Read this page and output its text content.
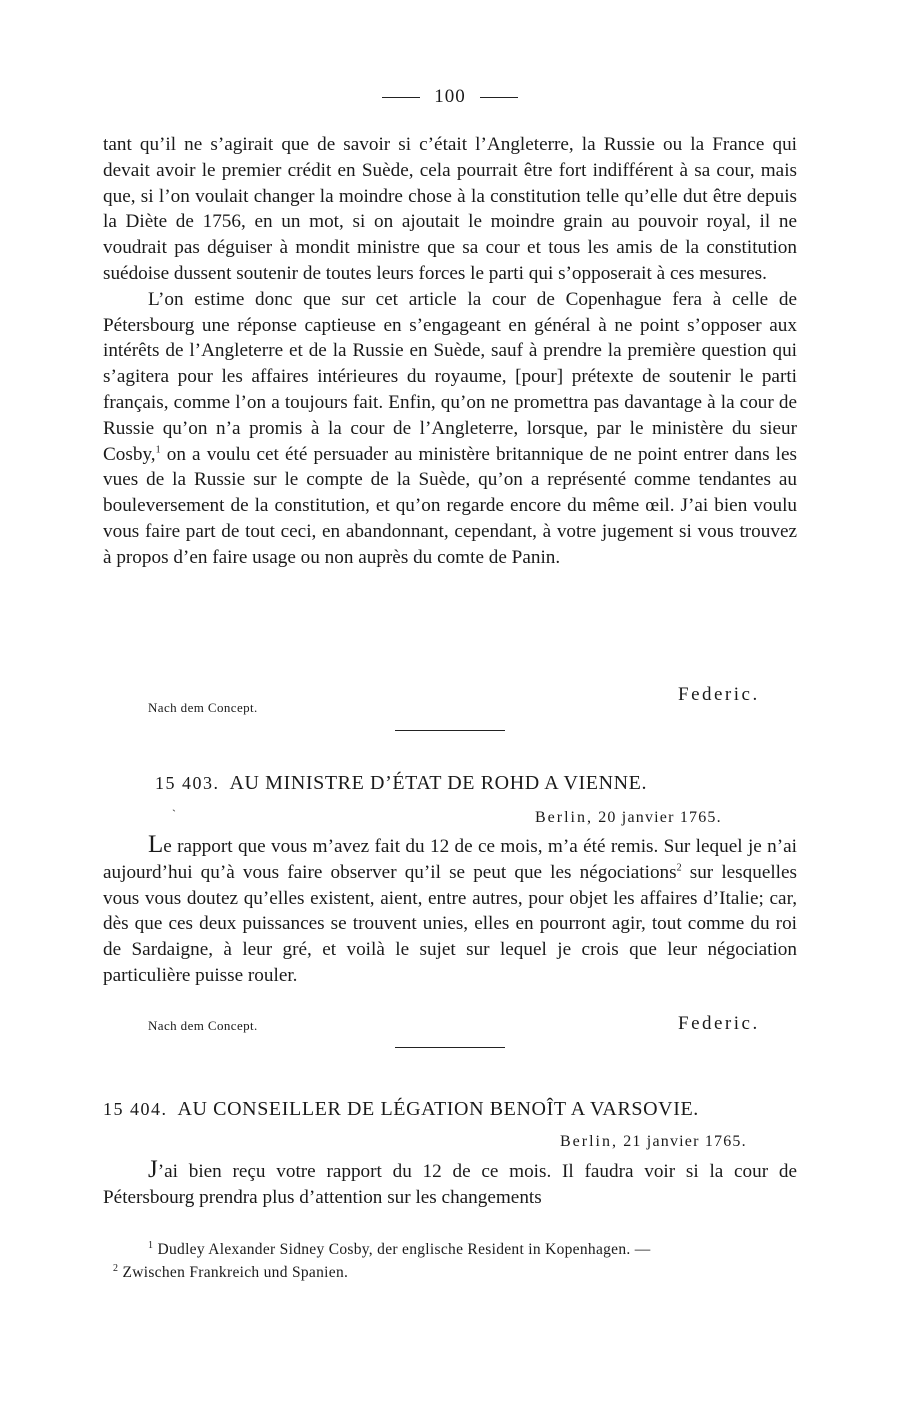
100

tant qu’il ne s’agirait que de savoir si c’était l’Angleterre, la Russie ou la France qui devait avoir le premier crédit en Suède, cela pourrait être fort indifférent à sa cour, mais que, si l’on voulait changer la moindre chose à la constitution telle qu’elle dut être depuis la Diète de 1756, en un mot, si on ajoutait le moindre grain au pouvoir royal, il ne voudrait pas déguiser à mondit ministre que sa cour et tous les amis de la constitution suédoise dussent soutenir de toutes leurs forces le parti qui s’opposerait à ces mesures.

L’on estime donc que sur cet article la cour de Copenhague fera à celle de Pétersbourg une réponse captieuse en s’engageant en général à ne point s’opposer aux intérêts de l’Angleterre et de la Russie en Suède, sauf à prendre la première question qui s’agitera pour les affaires intérieures du royaume, [pour] prétexte de soutenir le parti français, comme l’on a toujours fait. Enfin, qu’on ne promettra pas davantage à la cour de Russie qu’on n’a promis à la cour de l’Angleterre, lorsque, par le ministère du sieur Cosby,$^1$ on a voulu cet été persuader au ministère britannique de ne point entrer dans les vues de la Russie sur le compte de la Suède, qu’on a représenté comme tendantes au bouleversement de la constitution, et qu’on regarde encore du même œil. J’ai bien voulu vous faire part de tout ceci, en abandonnant, cependant, à votre jugement si vous trouvez à propos d’en faire usage ou non auprès du comte de Panin.

Federic.
Nach dem Concept.
15 403. AU MINISTRE D’ÉTAT DE ROHD A VIENNE.
`	Berlin, 20 janvier 1765.

Le rapport que vous m’avez fait du 12 de ce mois, m’a été remis. Sur lequel je n’ai aujourd’hui qu’à vous faire observer qu’il se peut que les négociations$^2$ sur lesquelles vous vous doutez qu’elles existent, aient, entre autres, pour objet les affaires d’Italie; car, dès que ces deux puissances se trouvent unies, elles en pourront agir, tout comme du roi de Sardaigne, à leur gré, et voilà le sujet sur lequel je crois que leur négociation particulière puisse rouler.

Nach dem Concept.	Federic.
15 404. AU CONSEILLER DE LÉGATION BENOÎT A VARSOVIE.
Berlin, 21 janvier 1765.

J’ai bien reçu votre rapport du 12 de ce mois. Il faudra voir si la cour de Pétersbourg prendra plus d’attention sur les changements

$^1$ Dudley Alexander Sidney Cosby, der englische Resident in Kopenhagen. —
$^2$ Zwischen Frankreich und Spanien.
